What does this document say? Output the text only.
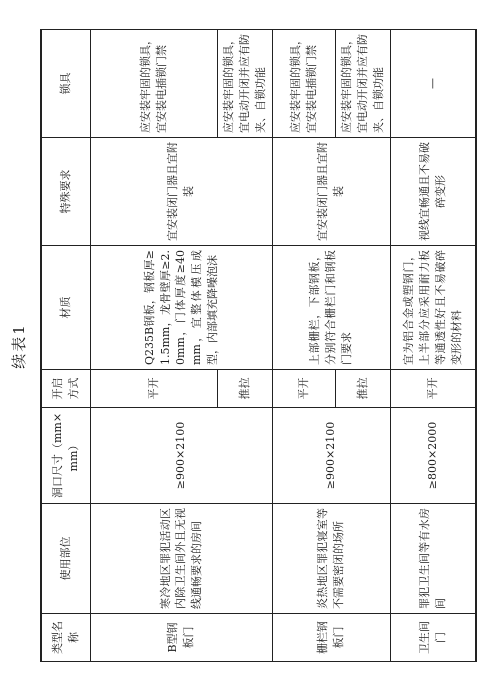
续表1
类型名称	使用部位	洞口尺寸（mm×mm）	开启方式	材质	特殊要求	锁具
B型钢板门	寒冷地区罪犯活动区内除卫生间外且无视线通畅要求的房间	≥900×2100	平开	Q235B钢板，钢板厚≥1.5mm，龙骨壁厚≥2.0mm，门体厚度≥40mm，宜整体模压成型，内部填充降噪泡沫	宜安装闭门器且宜附装	应安装牢固的锁具，宜安装电插锁门禁
			推拉			应安装牢固的锁具，宜电动开闭并应有防夹、自锁功能
栅栏钢板门	炎热地区罪犯寝室等不需要密闭的场所	≥900×2100	平开	上部栅栏，下部钢板，分别符合栅栏门和钢板门要求	宜安装闭门器且宜附装	应安装牢固的锁具，宜安装电插锁门禁
			推拉			应安装牢固的锁具，宜电动开闭并应有防夹、自锁功能
卫生间门	罪犯卫生间等有水房间	≥800×2000	平开	宜为铝合金或塑钢门，上半部分应采用耐力板等通透性好且不易破碎变形的材料	视线宜畅通且不易破碎变形	—
